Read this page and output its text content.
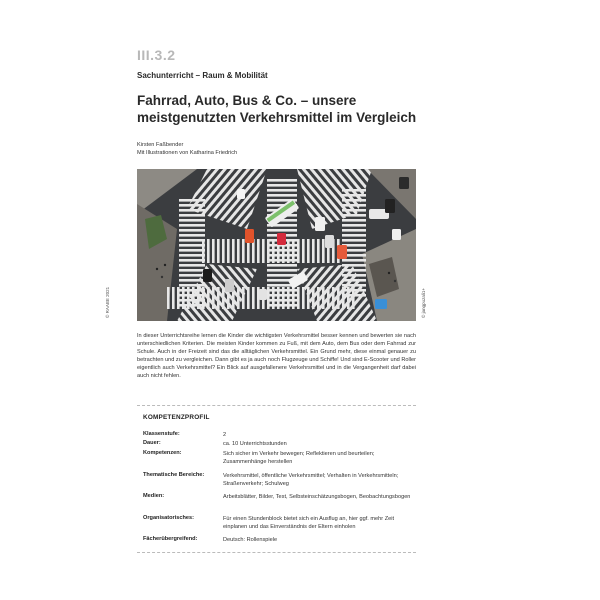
© RAABE 2021	© jangpuzali1+
III.3.2
Sachunterricht – Raum & Mobilität
Fahrrad, Auto, Bus & Co. – unsere
meistgenutzten Verkehrsmittel im Vergleich
Kirsten Faßbender
Mit Illustrationen von Katharina Friedrich
In dieser Unterrichtsreihe lernen die Kinder die wichtigsten Verkehrsmittel besser kennen und bewerten sie nach unterschiedlichen Kriterien. Die meisten Kinder kommen zu Fuß, mit dem Auto, dem Bus oder dem Fahrrad zur Schule. Auch in der Freizeit sind das die alltäglichen Verkehrsmittel. Ein Grund mehr, diese einmal genauer zu betrachten und zu vergleichen. Dann gibt es ja auch noch Flugzeuge und Schiffe! Und sind E-Scooter und Roller eigentlich auch Verkehrsmittel? Ein Blick auf ausgefallenere Verkehrsmittel und in die Vergangenheit darf dabei auch nicht fehlen.
KOMPETENZPROFIL
Klassenstufe:	2
Dauer:	ca. 10 Unterrichtsstunden
Kompetenzen:	Sich sicher im Verkehr bewegen; Reflektieren und beurteilen; Zusammenhänge herstellen
Thematische Bereiche:	Verkehrsmittel, öffentliche Verkehrsmittel; Verhalten in Verkehrsmitteln; Straßenverkehr; Schulweg
Medien:	Arbeitsblätter, Bilder, Test, Selbsteinschätzungsbogen, Beobachtungsbogen
Organisatorisches:	Für einen Stundenblock bietet sich ein Ausflug an, hier ggf. mehr Zeit einplanen und das Einverständnis der Eltern einholen
Fächerübergreifend:	Deutsch: Rollenspiele
